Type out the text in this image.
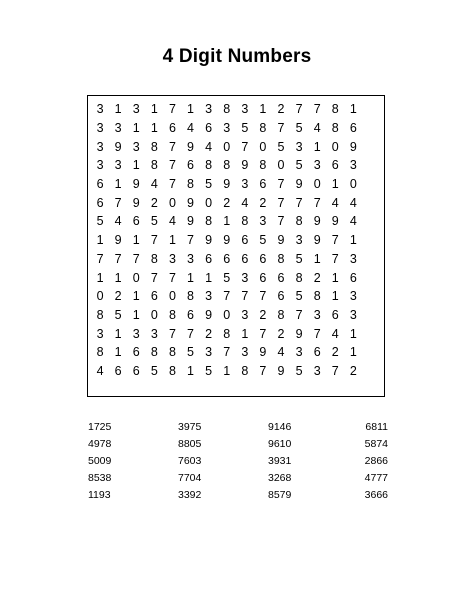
4 Digit Numbers
3 1 3 1 7 1 3 8 3 1 2 7 7 8 1
3 3 1 1 6 4 6 3 5 8 7 5 4 8 6
3 9 3 8 7 9 4 0 7 0 5 3 1 0 9
3 3 1 8 7 6 8 8 9 8 0 5 3 6 3
6 1 9 4 7 8 5 9 3 6 7 9 0 1 0
6 7 9 2 0 9 0 2 4 2 7 7 7 4 4
5 4 6 5 4 9 8 1 8 3 7 8 9 9 4
1 9 1 7 1 7 9 9 6 5 9 3 9 7 1
7 7 7 8 3 3 6 6 6 6 8 5 1 7 3
1 1 0 7 7 1 1 5 3 6 6 8 2 1 6
0 2 1 6 0 8 3 7 7 7 6 5 8 1 3
8 5 1 0 8 6 9 0 3 2 8 7 3 6 3
3 1 3 3 7 7 2 8 1 7 2 9 7 4 1
8 1 6 8 8 5 3 7 3 9 4 3 6 2 1
4 6 6 5 8 1 5 1 8 7 9 5 3 7 2
1725	3975	9146	6811
4978	8805	9610	5874
5009	7603	3931	2866
8538	7704	3268	4777
1193	3392	8579	3666
